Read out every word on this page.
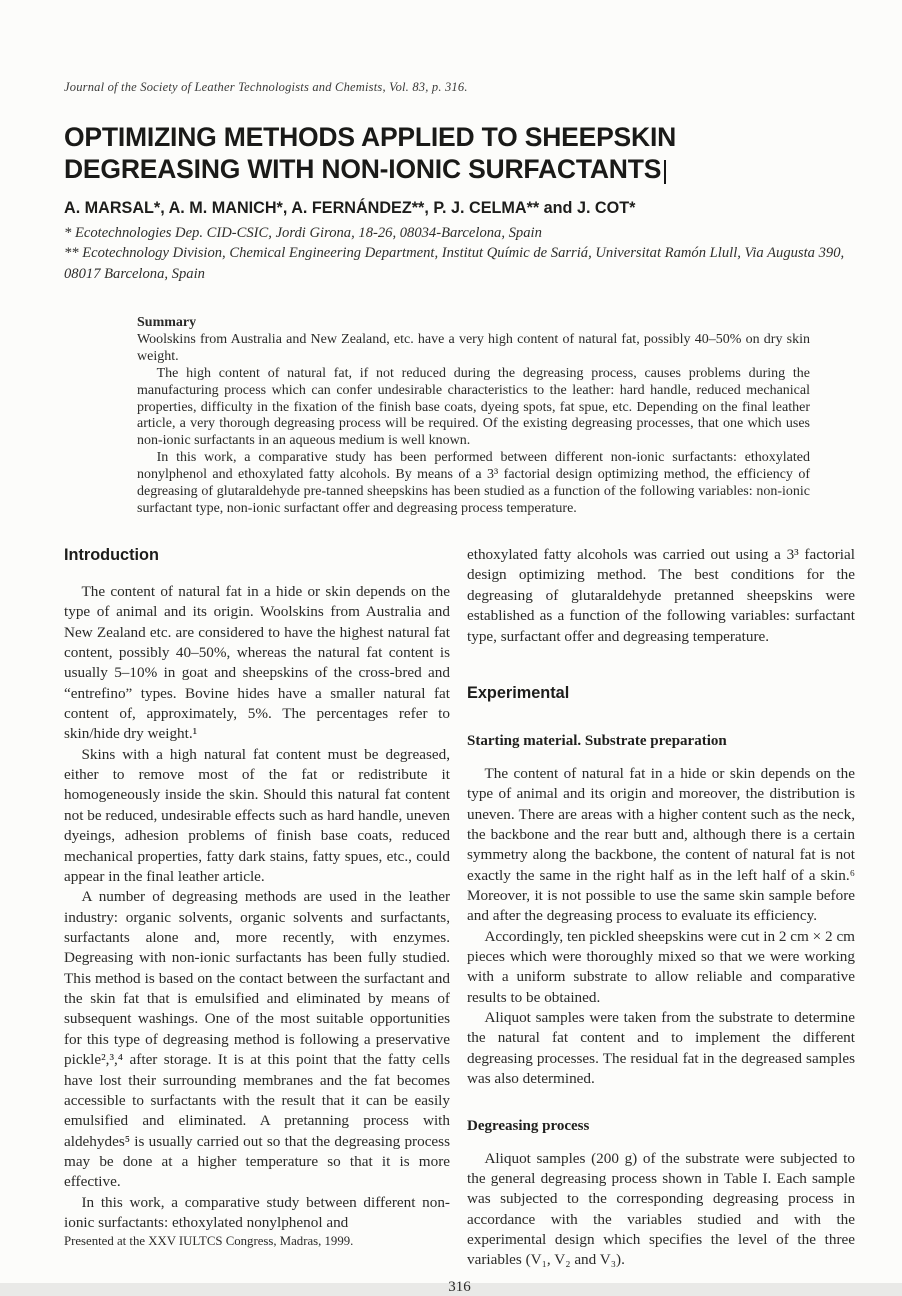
Journal of the Society of Leather Technologists and Chemists, Vol. 83, p. 316.
OPTIMIZING METHODS APPLIED TO SHEEPSKIN
DEGREASING WITH NON-IONIC SURFACTANTS
A. MARSAL*, A. M. MANICH*, A. FERNÁNDEZ**, P. J. CELMA** and J. COT*
* Ecotechnologies Dep. CID-CSIC, Jordi Girona, 18-26, 08034-Barcelona, Spain
** Ecotechnology Division, Chemical Engineering Department, Institut Químic de Sarriá, Universitat Ramón Llull, Via Augusta 390, 08017 Barcelona, Spain

Summary

Woolskins from Australia and New Zealand, etc. have a very high content of natural fat, possibly 40–50% on dry skin weight.

The high content of natural fat, if not reduced during the degreasing process, causes problems during the manufacturing process which can confer undesirable characteristics to the leather: hard handle, reduced mechanical properties, difficulty in the fixation of the finish base coats, dyeing spots, fat spue, etc. Depending on the final leather article, a very thorough degreasing process will be required. Of the existing degreasing processes, that one which uses non-ionic surfactants in an aqueous medium is well known.

In this work, a comparative study has been performed between different non-ionic surfactants: ethoxylated nonylphenol and ethoxylated fatty alcohols. By means of a 3³ factorial design optimizing method, the efficiency of degreasing of glutaraldehyde pre-tanned sheepskins has been studied as a function of the following variables: non-ionic surfactant type, non-ionic surfactant offer and degreasing process temperature.

Introduction

The content of natural fat in a hide or skin depends on the type of animal and its origin. Woolskins from Australia and New Zealand etc. are considered to have the highest natural fat content, possibly 40–50%, whereas the natural fat content is usually 5–10% in goat and sheepskins of the cross-bred and “entrefino” types. Bovine hides have a smaller natural fat content of, approximately, 5%. The percentages refer to skin/hide dry weight.¹

Skins with a high natural fat content must be degreased, either to remove most of the fat or redistribute it homogeneously inside the skin. Should this natural fat content not be reduced, undesirable effects such as hard handle, uneven dyeings, adhesion problems of finish base coats, reduced mechanical properties, fatty dark stains, fatty spues, etc., could appear in the final leather article.

A number of degreasing methods are used in the leather industry: organic solvents, organic solvents and surfactants, surfactants alone and, more recently, with enzymes. Degreasing with non-ionic surfactants has been fully studied. This method is based on the contact between the surfactant and the skin fat that is emulsified and eliminated by means of subsequent washings. One of the most suitable opportunities for this type of degreasing method is following a preservative pickle²,³,⁴ after storage. It is at this point that the fatty cells have lost their surrounding membranes and the fat becomes accessible to surfactants with the result that it can be easily emulsified and eliminated. A pretanning process with aldehydes⁵ is usually carried out so that the degreasing process may be done at a higher temperature so that it is more effective.

In this work, a comparative study between different non-ionic surfactants: ethoxylated nonylphenol and

Presented at the XXV IULTCS Congress, Madras, 1999.

ethoxylated fatty alcohols was carried out using a 3³ factorial design optimizing method. The best conditions for the degreasing of glutaraldehyde pretanned sheepskins were established as a function of the following variables: surfactant type, surfactant offer and degreasing temperature.

Experimental
Starting material. Substrate preparation

The content of natural fat in a hide or skin depends on the type of animal and its origin and moreover, the distribution is uneven. There are areas with a higher content such as the neck, the backbone and the rear butt and, although there is a certain symmetry along the backbone, the content of natural fat is not exactly the same in the right half as in the left half of a skin.⁶ Moreover, it is not possible to use the same skin sample before and after the degreasing process to evaluate its efficiency.

Accordingly, ten pickled sheepskins were cut in 2 cm × 2 cm pieces which were thoroughly mixed so that we were working with a uniform substrate to allow reliable and comparative results to be obtained.

Aliquot samples were taken from the substrate to determine the natural fat content and to implement the different degreasing processes. The residual fat in the degreased samples was also determined.

Degreasing process

Aliquot samples (200 g) of the substrate were subjected to the general degreasing process shown in Table I. Each sample was subjected to the corresponding degreasing process in accordance with the variables studied and with the experimental design which specifies the level of the three variables (V₁, V₂ and V₃).

316
